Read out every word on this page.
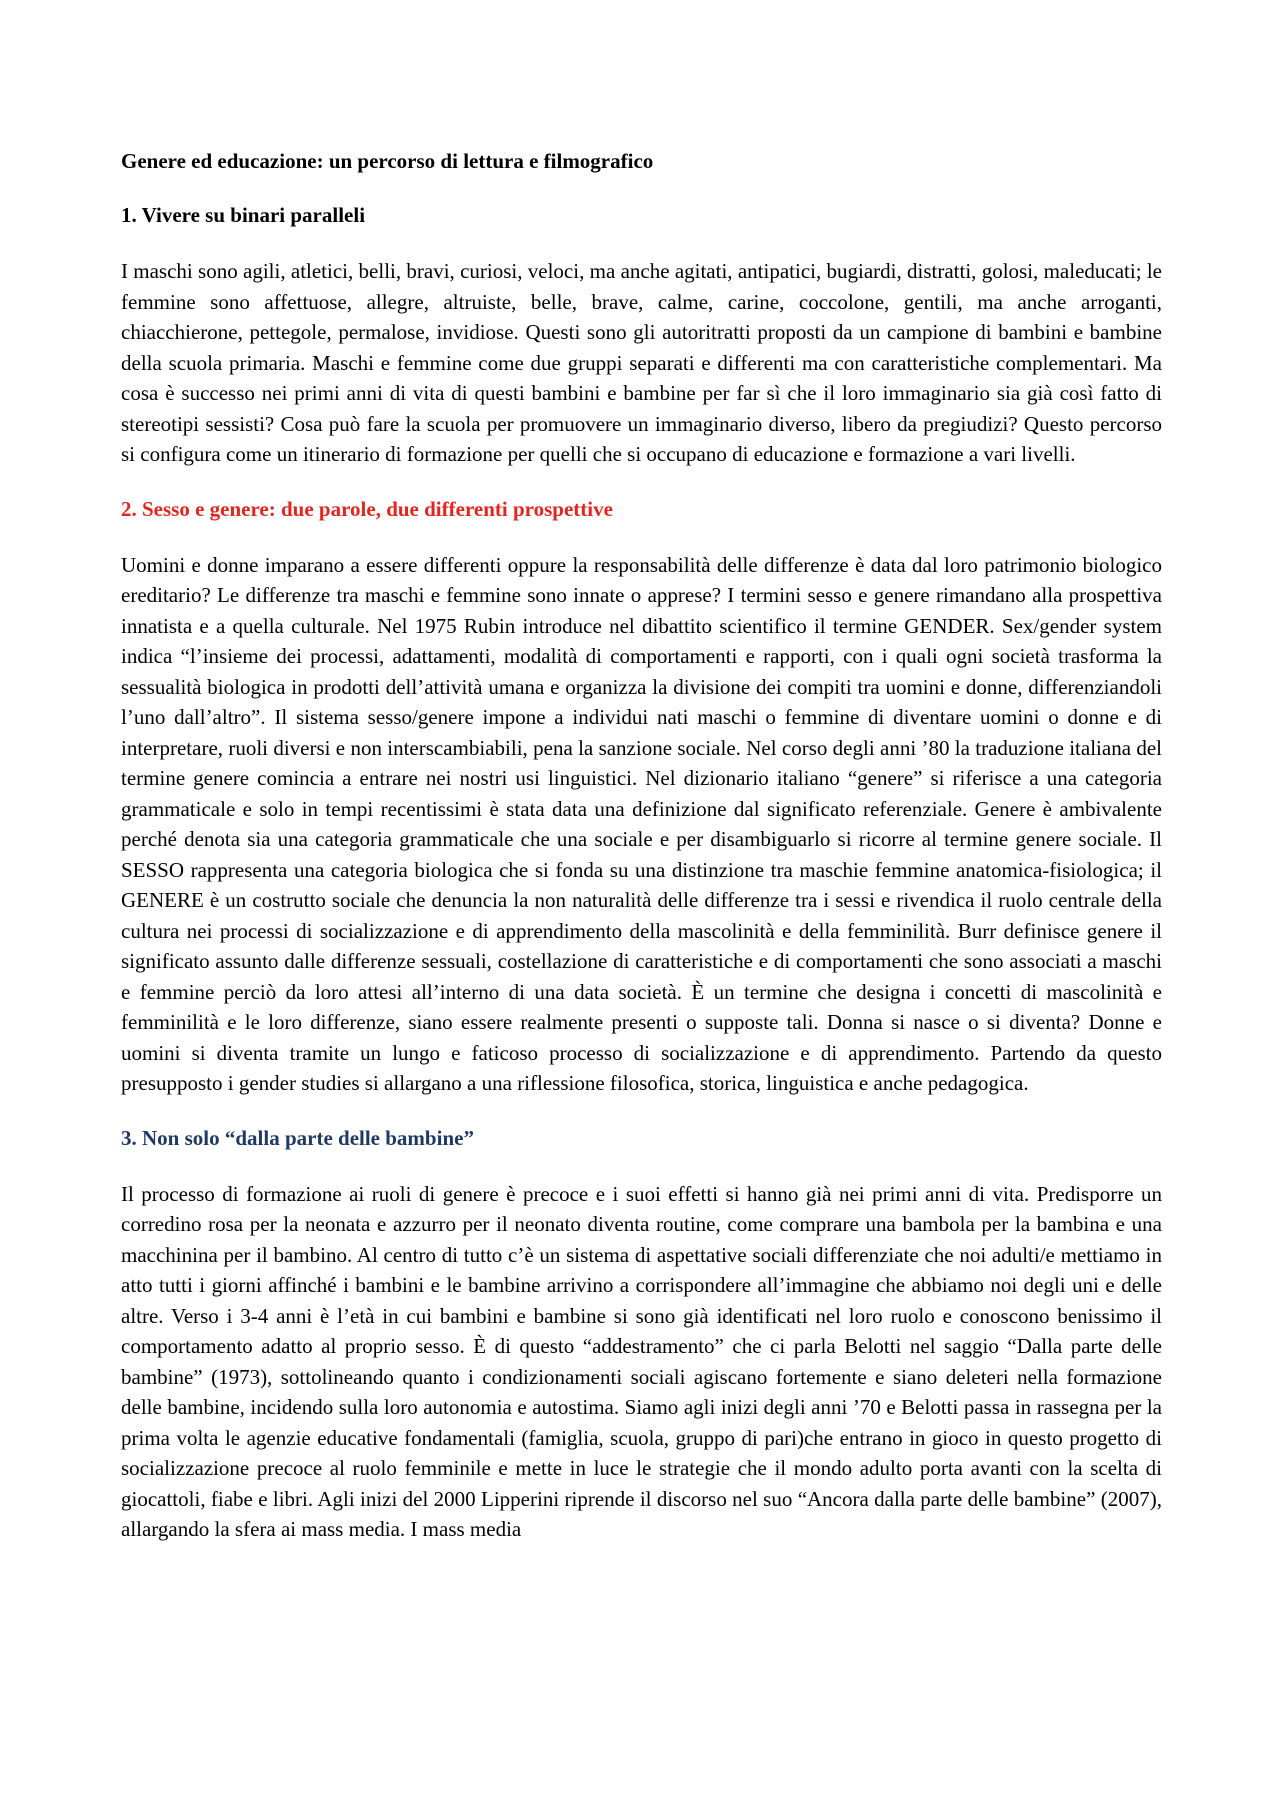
Genere ed educazione: un percorso di lettura e filmografico
1. Vivere su binari paralleli

I maschi sono agili, atletici, belli, bravi, curiosi, veloci, ma anche agitati, antipatici, bugiardi, distratti, golosi, maleducati; le femmine sono affettuose, allegre, altruiste, belle, brave, calme, carine, coccolone, gentili, ma anche arroganti, chiacchierone, pettegole, permalose, invidiose. Questi sono gli autoritratti proposti da un campione di bambini e bambine della scuola primaria. Maschi e femmine come due gruppi separati e differenti ma con caratteristiche complementari. Ma cosa è successo nei primi anni di vita di questi bambini e bambine per far sì che il loro immaginario sia già così fatto di stereotipi sessisti? Cosa può fare la scuola per promuovere un immaginario diverso, libero da pregiudizi? Questo percorso si configura come un itinerario di formazione per quelli che si occupano di educazione e formazione a vari livelli.

2. Sesso e genere: due parole, due differenti prospettive

Uomini e donne imparano a essere differenti oppure la responsabilità delle differenze è data dal loro patrimonio biologico ereditario? Le differenze tra maschi e femmine sono innate o apprese? I termini sesso e genere rimandano alla prospettiva innatista e a quella culturale. Nel 1975 Rubin introduce nel dibattito scientifico il termine GENDER. Sex/gender system indica “l’insieme dei processi, adattamenti, modalità di comportamenti e rapporti, con i quali ogni società trasforma la sessualità biologica in prodotti dell’attività umana e organizza la divisione dei compiti tra uomini e donne, differenziandoli l’uno dall’altro”. Il sistema sesso/genere impone a individui nati maschi o femmine di diventare uomini o donne e di interpretare, ruoli diversi e non interscambiabili, pena la sanzione sociale. Nel corso degli anni ’80 la traduzione italiana del termine genere comincia a entrare nei nostri usi linguistici. Nel dizionario italiano “genere” si riferisce a una categoria grammaticale e solo in tempi recentissimi è stata data una definizione dal significato referenziale. Genere è ambivalente perché denota sia una categoria grammaticale che una sociale e per disambiguarlo si ricorre al termine genere sociale. Il SESSO rappresenta una categoria biologica che si fonda su una distinzione tra maschie femmine anatomica-fisiologica; il GENERE è un costrutto sociale che denuncia la non naturalità delle differenze tra i sessi e rivendica il ruolo centrale della cultura nei processi di socializzazione e di apprendimento della mascolinità e della femminilità. Burr definisce genere il significato assunto dalle differenze sessuali, costellazione di caratteristiche e di comportamenti che sono associati a maschi e femmine perciò da loro attesi all’interno di una data società. È un termine che designa i concetti di mascolinità e femminilità e le loro differenze, siano essere realmente presenti o supposte tali. Donna si nasce o si diventa? Donne e uomini si diventa tramite un lungo e faticoso processo di socializzazione e di apprendimento. Partendo da questo presupposto i gender studies si allargano a una riflessione filosofica, storica, linguistica e anche pedagogica.

3. Non solo “dalla parte delle bambine”

Il processo di formazione ai ruoli di genere è precoce e i suoi effetti si hanno già nei primi anni di vita. Predisporre un corredino rosa per la neonata e azzurro per il neonato diventa routine, come comprare una bambola per la bambina e una macchinina per il bambino. Al centro di tutto c’è un sistema di aspettative sociali differenziate che noi adulti/e mettiamo in atto tutti i giorni affinché i bambini e le bambine arrivino a corrispondere all’immagine che abbiamo noi degli uni e delle altre. Verso i 3-4 anni è l’età in cui bambini e bambine si sono già identificati nel loro ruolo e conoscono benissimo il comportamento adatto al proprio sesso. È di questo “addestramento” che ci parla Belotti nel saggio “Dalla parte delle bambine” (1973), sottolineando quanto i condizionamenti sociali agiscano fortemente e siano deleteri nella formazione delle bambine, incidendo sulla loro autonomia e autostima. Siamo agli inizi degli anni ’70 e Belotti passa in rassegna per la prima volta le agenzie educative fondamentali (famiglia, scuola, gruppo di pari)che entrano in gioco in questo progetto di socializzazione precoce al ruolo femminile e mette in luce le strategie che il mondo adulto porta avanti con la scelta di giocattoli, fiabe e libri. Agli inizi del 2000 Lipperini riprende il discorso nel suo “Ancora dalla parte delle bambine” (2007), allargando la sfera ai mass media. I mass media
